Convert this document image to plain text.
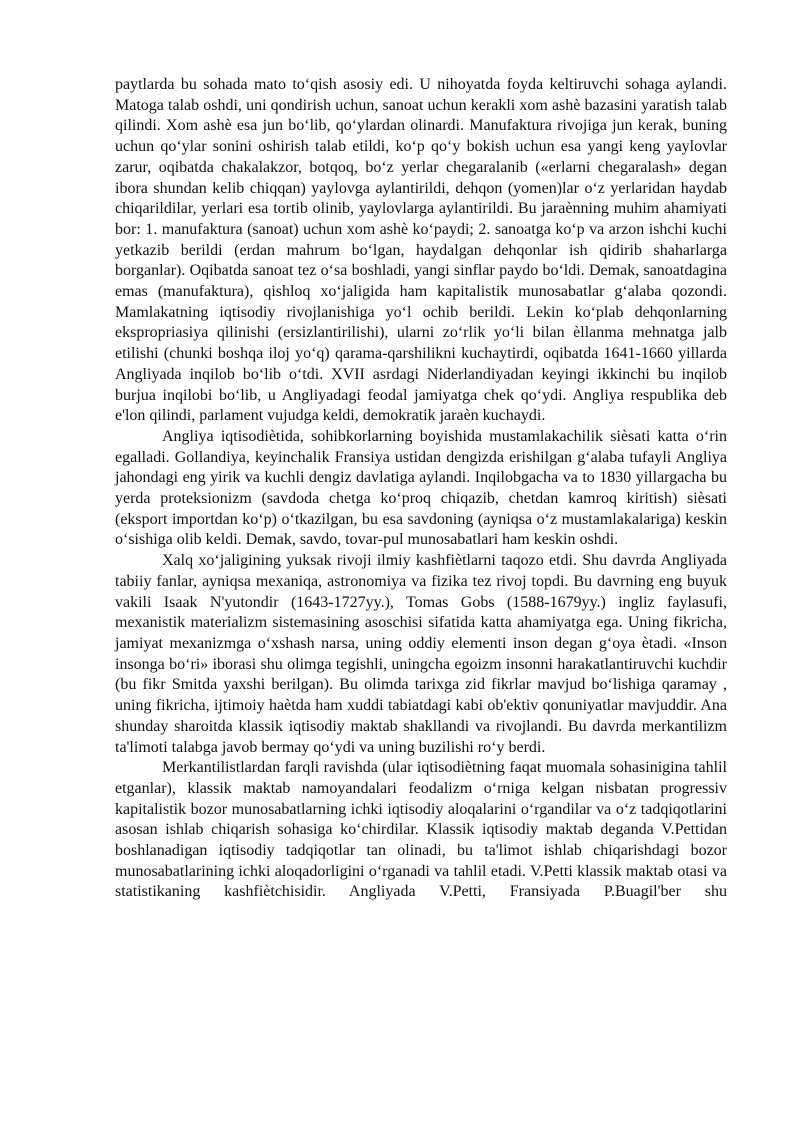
paytlarda bu sohada mato to‘qish asosiy edi. U nihoyatda foyda keltiruvchi sohaga aylandi. Matoga talab oshdi, uni qondirish uchun, sanoat uchun kerakli xom ashè bazasini yaratish talab qilindi. Xom ashè esa jun bo‘lib, qo‘ylardan olinardi. Manufaktura rivojiga jun kerak, buning uchun qo‘ylar sonini oshirish talab etildi, ko‘p qo‘y bokish uchun esa yangi keng yaylovlar zarur, oqibatda chakalakzor, botqoq, bo‘z yerlar chegaralanib («erlarni chegaralash» degan ibora shundan kelib chiqqan) yaylovga aylantirildi, dehqon (yomen)lar o‘z yerlaridan haydab chiqarildilar, yerlari esa tortib olinib, yaylovlarga aylantirildi. Bu jaraènning muhim ahamiyati bor: 1. manufaktura (sanoat) uchun xom ashè ko‘paydi; 2. sanoatga ko‘p va arzon ishchi kuchi yetkazib berildi (erdan mahrum bo‘lgan, haydalgan dehqonlar ish qidirib shaharlarga borganlar). Oqibatda sanoat tez o‘sa boshladi, yangi sinflar paydo bo‘ldi. Demak, sanoatdagina emas (manufaktura), qishloq xo‘jaligida ham kapitalistik munosabatlar g‘alaba qozondi. Mamlakatning iqtisodiy rivojlanishiga yo‘l ochib berildi. Lekin ko‘plab dehqonlarning ekspropriasiya qilinishi (ersizlantirilishi), ularni zo‘rlik yo‘li bilan èllanma mehnatga jalb etilishi (chunki boshqa iloj yo‘q) qarama-qarshilikni kuchaytirdi, oqibatda 1641-1660 yillarda Angliyada inqilob bo‘lib o‘tdi. XVII asrdagi Niderlandiyadan keyingi ikkinchi bu inqilob burjua inqilobi bo‘lib, u Angliyadagi feodal jamiyatga chek qo‘ydi. Angliya respublika deb e'lon qilindi, parlament vujudga keldi, demokratik jaraèn kuchaydi.

Angliya iqtisodiètida, sohibkorlarning boyishida mustamlakachilik sièsati katta o‘rin egalladi. Gollandiya, keyinchalik Fransiya ustidan dengizda erishilgan g‘alaba tufayli Angliya jahondagi eng yirik va kuchli dengiz davlatiga aylandi. Inqilobgacha va to 1830 yillargacha bu yerda proteksionizm (savdoda chetga ko‘proq chiqazib, chetdan kamroq kiritish) sièsati (eksport importdan ko‘p) o‘tkazilgan, bu esa savdoning (ayniqsa o‘z mustamlakalariga) keskin o‘sishiga olib keldi. Demak, savdo, tovar-pul munosabatlari ham keskin oshdi.

Xalq xo‘jaligining yuksak rivoji ilmiy kashfiètlarni taqozo etdi. Shu davrda Angliyada tabiiy fanlar, ayniqsa mexaniqa, astronomiya va fizika tez rivoj topdi. Bu davrning eng buyuk vakili Isaak N'yutondir (1643-1727yy.), Tomas Gobs (1588-1679yy.) ingliz faylasufi, mexanistik materializm sistemasining asoschisi sifatida katta ahamiyatga ega. Uning fikricha, jamiyat mexanizmga o‘xshash narsa, uning oddiy elementi inson degan g‘oya ètadi. «Inson insonga bo‘ri» iborasi shu olimga tegishli, uningcha egoizm insonni harakatlantiruvchi kuchdir (bu fikr Smitda yaxshi berilgan). Bu olimda tarixga zid fikrlar mavjud bo‘lishiga qaramay , uning fikricha, ijtimoiy haètda ham xuddi tabiatdagi kabi ob'ektiv qonuniyatlar mavjuddir. Ana shunday sharoitda klassik iqtisodiy maktab shakllandi va rivojlandi. Bu davrda merkantilizm ta'limoti talabga javob bermay qo‘ydi va uning buzilishi ro‘y berdi.

Merkantilistlardan farqli ravishda (ular iqtisodiètning faqat muomala sohasinigina tahlil etganlar), klassik maktab namoyandalari feodalizm o‘rniga kelgan nisbatan progressiv kapitalistik bozor munosabatlarning ichki iqtisodiy aloqalarini o‘rgandilar va o‘z tadqiqotlarini asosan ishlab chiqarish sohasiga ko‘chirdilar. Klassik iqtisodiy maktab deganda V.Pettidan boshlanadigan iqtisodiy tadqiqotlar tan olinadi, bu ta'limot ishlab chiqarishdagi bozor munosabatlarining ichki aloqadorligini o‘rganadi va tahlil etadi. V.Petti klassik maktab otasi va statistikaning kashfiètchisidir. Angliyada V.Petti, Fransiyada P.Buagil'ber shu
